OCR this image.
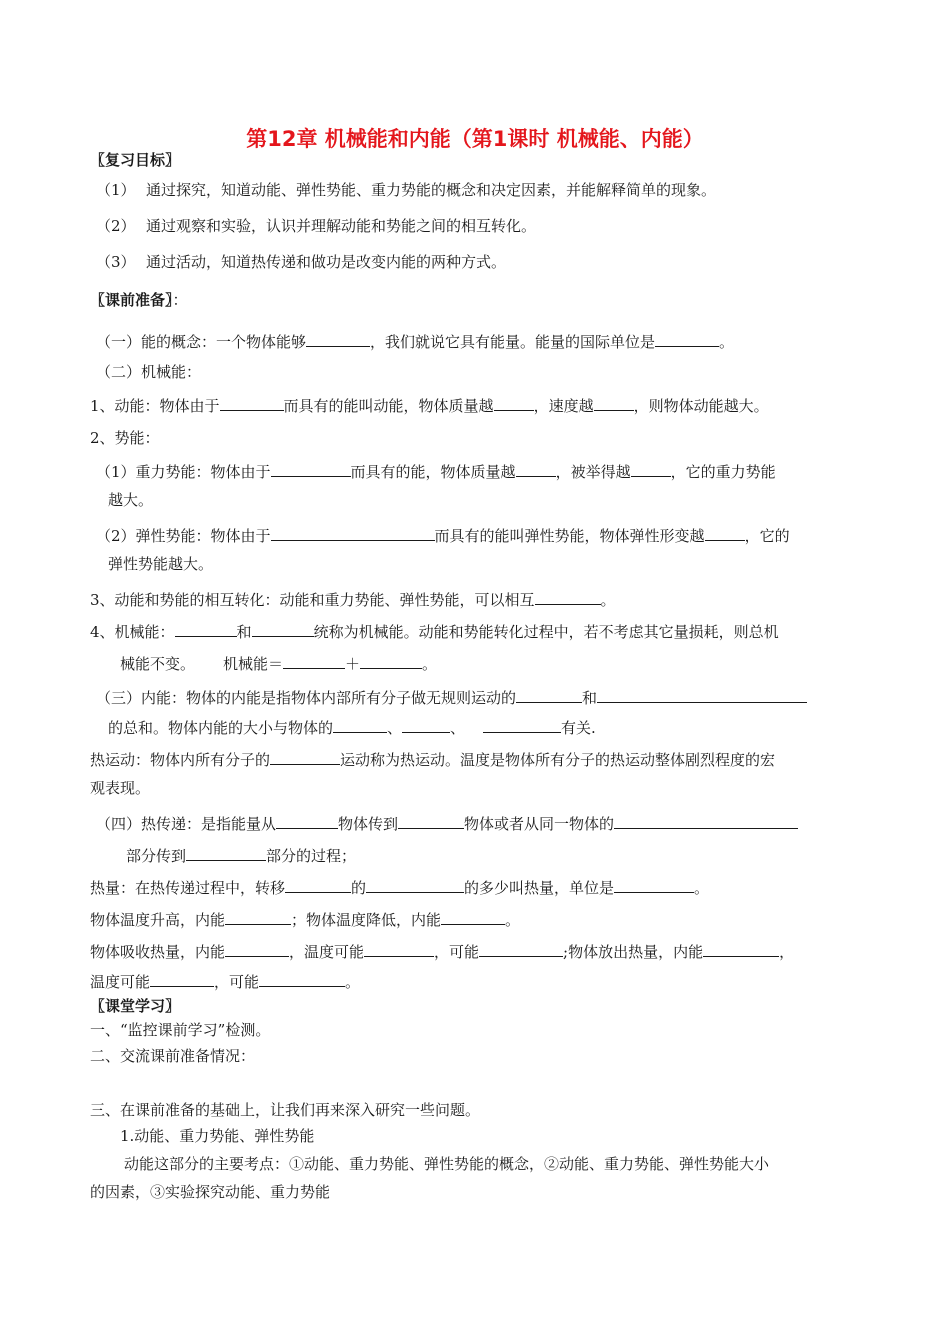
第12章 机械能和内能（第1课时 机械能、内能）
〖复习目标〗
（1） 通过探究，知道动能、弹性势能、重力势能的概念和决定因素，并能解释简单的现象。
（2） 通过观察和实验，认识并理解动能和势能之间的相互转化。
（3） 通过活动，知道热传递和做功是改变内能的两种方式。
〖课前准备〗：
（一）能的概念：一个物体能够	，我们就说它具有能量。能量的国际单位是	。
（二）机械能：
1、动能：物体由于	而具有的能叫动能，物体质量越	，速度越	，则物体动能越大。
2、势能：
（1）重力势能：物体由于	而具有的能，物体质量越	，被举得越	，它的重力势能
越大。
（2）弹性势能：物体由于	而具有的能叫弹性势能，物体弹性形变越	，它的
弹性势能越大。
3、动能和势能的相互转化：动能和重力势能、弹性势能，可以相互	。
4、机械能：	和	统称为机械能。动能和势能转化过程中，若不考虑其它量损耗，则总机
械能不变。 机械能＝	＋	。
（三）内能：物体的内能是指物体内部所有分子做无规则运动的	和
的总和。物体内能的大小与物体的	、	、	有关.
热运动：物体内所有分子的	运动称为热运动。温度是物体所有分子的热运动整体剧烈程度的宏
观表现。
（四）热传递：是指能量从	物体传到	物体或者从同一物体的
部分传到	部分的过程；
热量：在热传递过程中，转移	的	的多少叫热量，单位是	。
物体温度升高，内能	；物体温度降低，内能	。
物体吸收热量，内能	，温度可能	，可能	;物体放出热量，内能	，
温度可能	，可能	。
〖课堂学习〗
一、“监控课前学习”检测。
二、交流课前准备情况：
三、在课前准备的基础上，让我们再来深入研究一些问题。
1.动能、重力势能、弹性势能
动能这部分的主要考点：①动能、重力势能、弹性势能的概念，②动能、重力势能、弹性势能大小
的因素，③实验探究动能、重力势能
